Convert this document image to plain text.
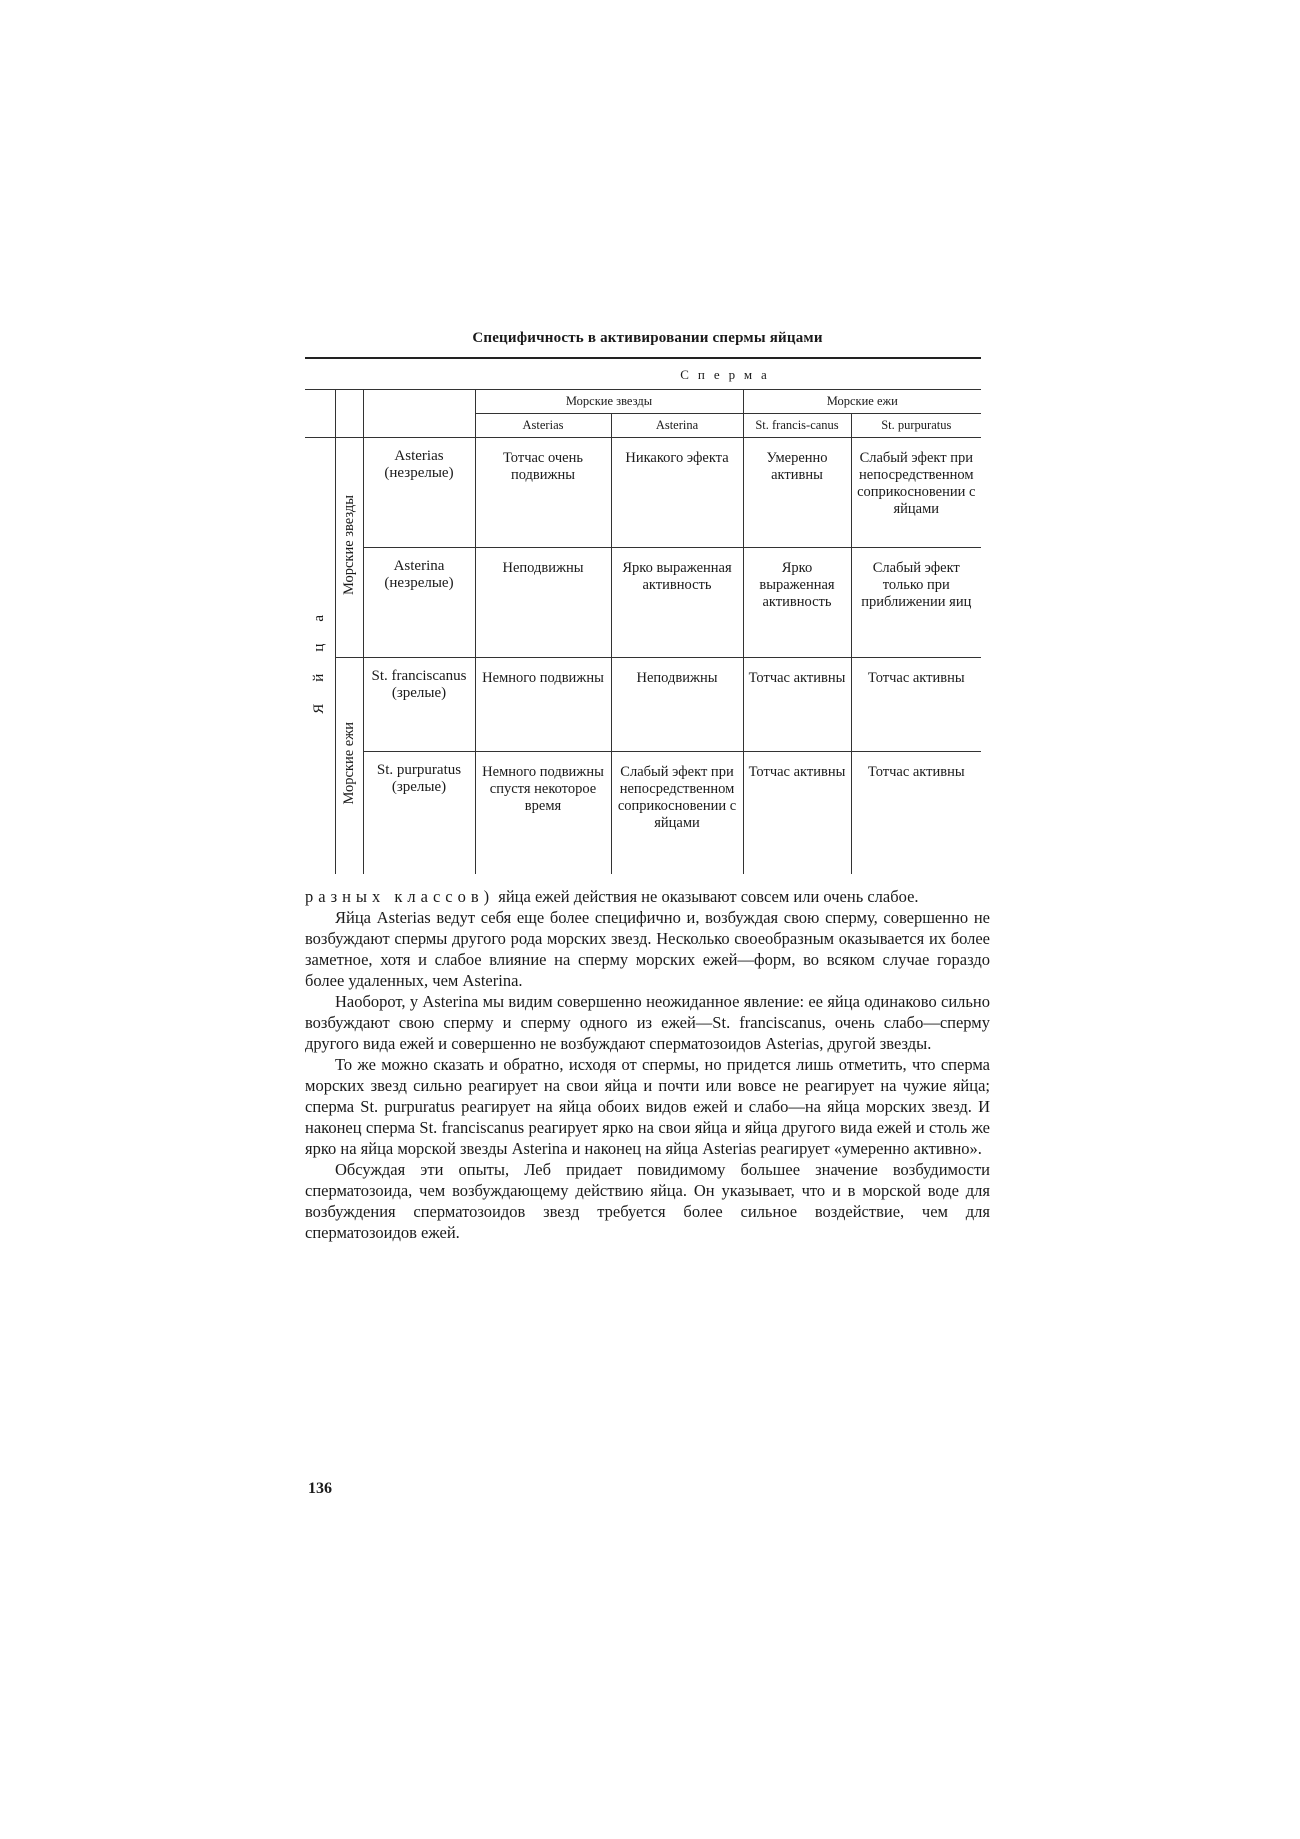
Специфичность в активировании спермы яйцами
			Сперма			
			Морские звезды		Морские ежи	
			Asterias	Asterina	St. francis-canus	St. purpuratus
Яйца	Морские звезды	Asterias (незрелые)	Тотчас очень подвижны	Никакого эфекта	Умеренно активны	Слабый эфект при непосредственном соприкосновении с яйцами
		Asterina (незрелые)	Неподвижны	Ярко выраженная активность	Ярко выраженная активность	Слабый эфект только при приближении яиц
	Морские ежи	St. franciscanus (зрелые)	Немного подвижны	Неподвижны	Тотчас активны	Тотчас активны
		St. purpuratus (зрелые)	Немного подвижны спустя некоторое время	Слабый эфект при непосредственном соприкосновении с яйцами	Тотчас активны	Тотчас активны

разных классов) яйца ежей действия не оказывают совсем или очень слабое.

Яйца Asterias ведут себя еще более специфично и, возбуждая свою сперму, совершенно не возбуждают спермы другого рода морских звезд. Несколько своеобразным оказывается их более заметное, хотя и слабое влияние на сперму морских ежей—форм, во всяком случае гораздо более удаленных, чем Asterina.

Наоборот, у Asterina мы видим совершенно неожиданное явление: ее яйца одинаково сильно возбуждают свою сперму и сперму одного из ежей—St. franciscanus, очень слабо—сперму другого вида ежей и совершенно не возбуждают сперматозоидов Asterias, другой звезды.

То же можно сказать и обратно, исходя от спермы, но придется лишь отметить, что сперма морских звезд сильно реагирует на свои яйца и почти или вовсе не реагирует на чужие яйца; сперма St. purpuratus реагирует на яйца обоих видов ежей и слабо—на яйца морских звезд. И наконец сперма St. franciscanus реагирует ярко на свои яйца и яйца другого вида ежей и столь же ярко на яйца морской звезды Asterina и наконец на яйца Asterias реагирует «умеренно активно».

Обсуждая эти опыты, Леб придает повидимому большее значение возбудимости сперматозоида, чем возбуждающему действию яйца. Он указывает, что и в морской воде для возбуждения сперматозоидов звезд требуется более сильное воздействие, чем для сперматозоидов ежей.

136
